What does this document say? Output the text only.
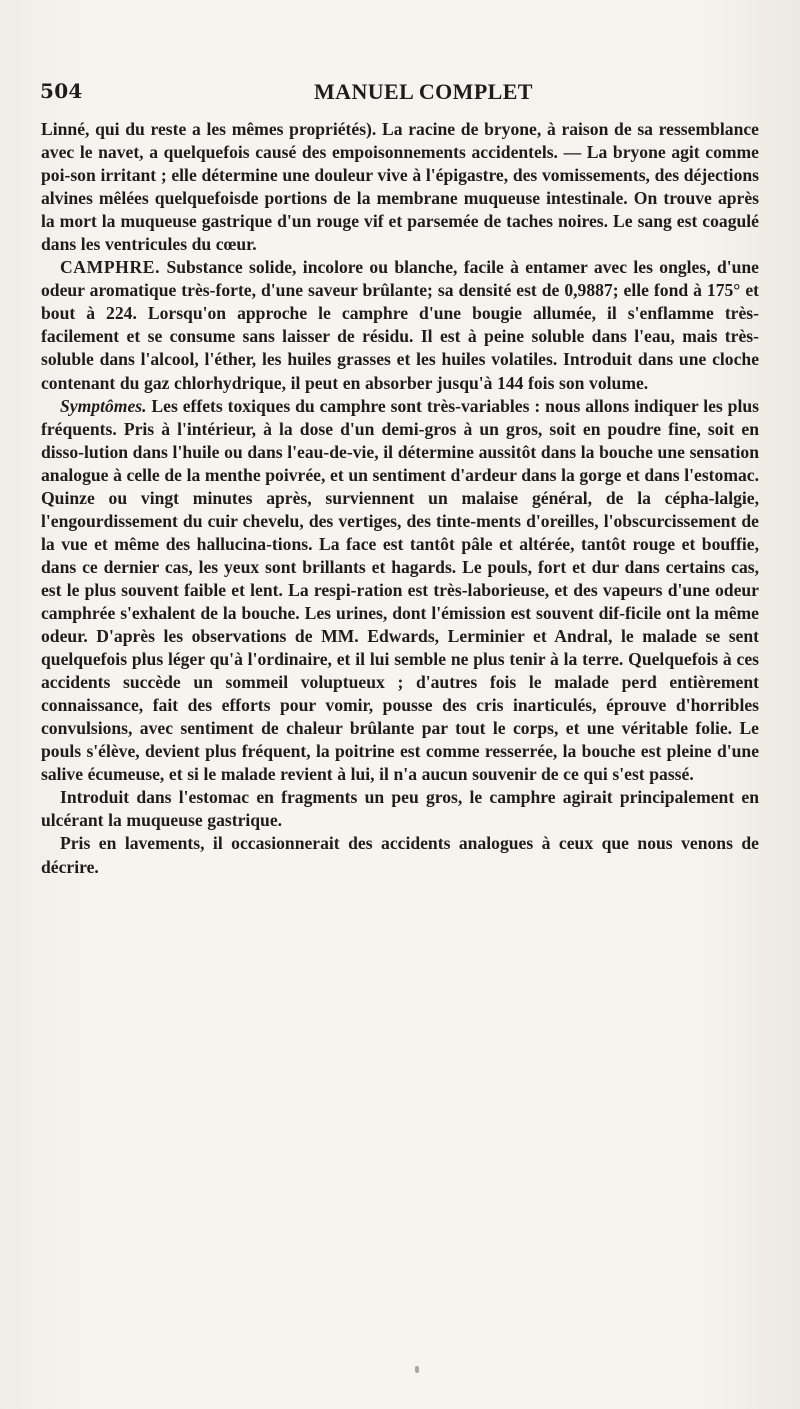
504	MANUEL COMPLET

Linné, qui du reste a les mêmes propriétés). La racine de bryone, à raison de sa ressemblance avec le navet, a quelquefois causé des empoisonnements accidentels. — La bryone agit comme poi-son irritant ; elle détermine une douleur vive à l'épigastre, des vomissements, des déjections alvines mêlées quelquefoisde portions de la membrane muqueuse intestinale. On trouve après la mort la muqueuse gastrique d'un rouge vif et parsemée de taches noires. Le sang est coagulé dans les ventricules du cœur.

CAMPHRE. Substance solide, incolore ou blanche, facile à entamer avec les ongles, d'une odeur aromatique très-forte, d'une saveur brûlante; sa densité est de 0,9887; elle fond à 175° et bout à 224. Lorsqu'on approche le camphre d'une bougie allumée, il s'enflamme très-facilement et se consume sans laisser de résidu. Il est à peine soluble dans l'eau, mais très-soluble dans l'alcool, l'éther, les huiles grasses et les huiles volatiles. Introduit dans une cloche contenant du gaz chlorhydrique, il peut en absorber jusqu'à 144 fois son volume.

Symptômes. Les effets toxiques du camphre sont très-variables : nous allons indiquer les plus fréquents. Pris à l'intérieur, à la dose d'un demi-gros à un gros, soit en poudre fine, soit en disso-lution dans l'huile ou dans l'eau-de-vie, il détermine aussitôt dans la bouche une sensation analogue à celle de la menthe poivrée, et un sentiment d'ardeur dans la gorge et dans l'estomac. Quinze ou vingt minutes après, surviennent un malaise général, de la cépha-lalgie, l'engourdissement du cuir chevelu, des vertiges, des tinte-ments d'oreilles, l'obscurcissement de la vue et même des hallucina-tions. La face est tantôt pâle et altérée, tantôt rouge et bouffie, dans ce dernier cas, les yeux sont brillants et hagards. Le pouls, fort et dur dans certains cas, est le plus souvent faible et lent. La respi-ration est très-laborieuse, et des vapeurs d'une odeur camphrée s'exhalent de la bouche. Les urines, dont l'émission est souvent dif-ficile ont la même odeur. D'après les observations de MM. Edwards, Lerminier et Andral, le malade se sent quelquefois plus léger qu'à l'ordinaire, et il lui semble ne plus tenir à la terre. Quelquefois à ces accidents succède un sommeil voluptueux ; d'autres fois le malade perd entièrement connaissance, fait des efforts pour vomir, pousse des cris inarticulés, éprouve d'horribles convulsions, avec sentiment de chaleur brûlante par tout le corps, et une véritable folie. Le pouls s'élève, devient plus fréquent, la poitrine est comme resserrée, la bouche est pleine d'une salive écumeuse, et si le malade revient à lui, il n'a aucun souvenir de ce qui s'est passé.

Introduit dans l'estomac en fragments un peu gros, le camphre agirait principalement en ulcérant la muqueuse gastrique.

Pris en lavements, il occasionnerait des accidents analogues à ceux que nous venons de décrire.
